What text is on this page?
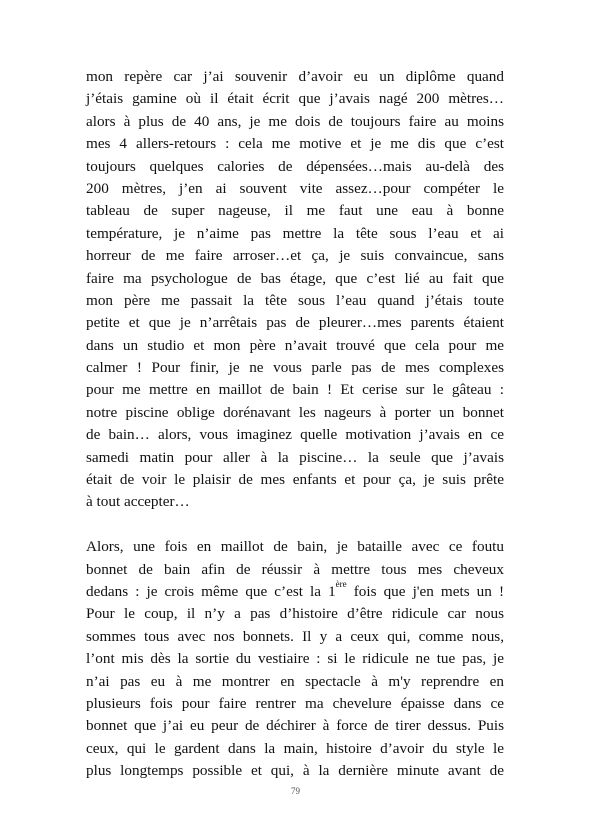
mon repère car j’ai souvenir d’avoir eu un diplôme quand
j’étais gamine où il était écrit que j’avais nagé 200 mètres…
alors à plus de 40 ans, je me dois de toujours faire au moins
mes 4 allers-retours : cela me motive et je me dis que c’est
toujours quelques calories de dépensées…mais au-delà des
200 mètres, j’en ai souvent vite assez…pour compéter le
tableau de super nageuse, il me faut une eau à bonne
température, je n’aime pas mettre la tête sous l’eau et ai
horreur de me faire arroser…et ça, je suis convaincue, sans
faire ma psychologue de bas étage, que c’est lié au fait que
mon père me passait la tête sous l’eau quand j’étais toute
petite et que je n’arrêtais pas de pleurer…mes parents étaient
dans un studio et mon père n’avait trouvé que cela pour me
calmer ! Pour finir, je ne vous parle pas de mes complexes
pour me mettre en maillot de bain ! Et cerise sur le gâteau :
notre piscine oblige dorénavant les nageurs à porter un bonnet
de bain… alors, vous imaginez quelle motivation j’avais en ce
samedi matin pour aller à la piscine… la seule que j’avais
était de voir le plaisir de mes enfants et pour ça, je suis prête
à tout accepter…
Alors, une fois en maillot de bain, je bataille avec ce foutu
bonnet de bain afin de réussir à mettre tous mes cheveux
dedans : je crois même que c’est la 1ère fois que j'en mets un !
Pour le coup, il n’y a pas d’histoire d’être ridicule car nous
sommes tous avec nos bonnets. Il y a ceux qui, comme nous,
l’ont mis dès la sortie du vestiaire : si le ridicule ne tue pas, je
n’ai pas eu à me montrer en spectacle à m'y reprendre en
plusieurs fois pour faire rentrer ma chevelure épaisse dans ce
bonnet que j’ai eu peur de déchirer à force de tirer dessus. Puis
ceux, qui le gardent dans la main, histoire d’avoir du style le
plus longtemps possible et qui, à la dernière minute avant de
79
